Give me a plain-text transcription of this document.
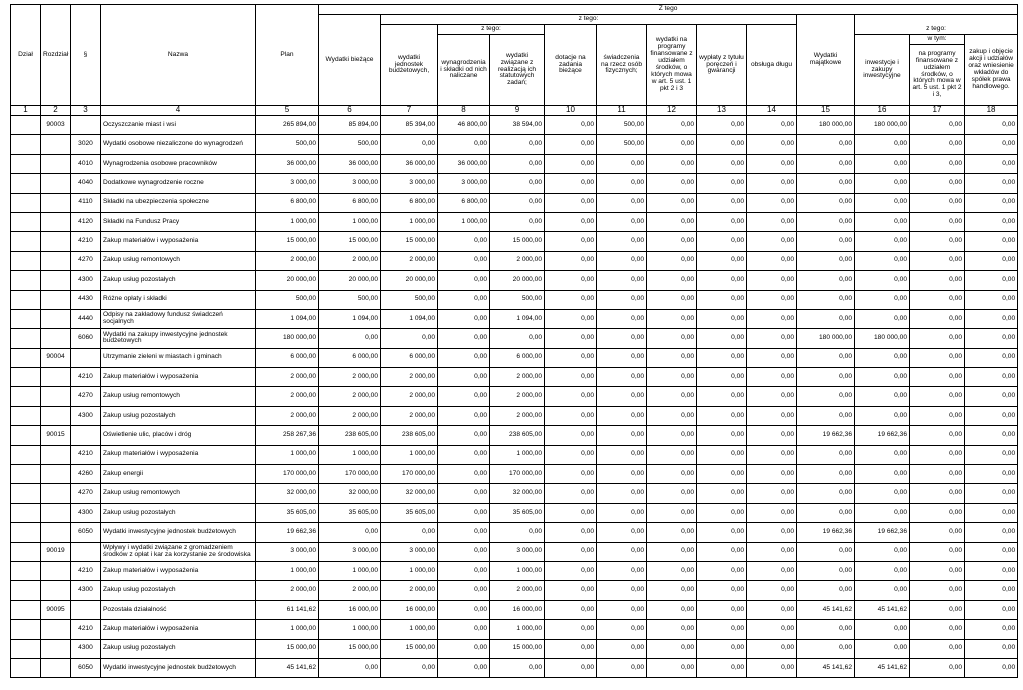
Dział	Rozdział	§	Nazwa	Plan	Z tego												
					Wydatki bieżące	z tego:								Wydatki majątkowe			
						wydatki jednostek budżetowych,	z tego:		dotacje na zadania bieżące	świadczenia na rzecz osób fizycznych;	wydatki na programy finansowane z udziałem środków, o których mowa w art. 5 ust. 1 pkt 2 i 3	wypłaty z tytułu poręczeń i gwarancji	obsługa długu		z tego:		
							wynagrodzenia i składki od nich naliczane	wydatki związane z realizacją ich statutowych zadań;							inwestycje i zakupy inwestycyjne	w tym:	zakup i objęcie akcji i udziałów oraz wniesienie wkładów do spółek prawa handlowego.
																na programy finansowane z udziałem środków, o których mowa w art. 5 ust. 1 pkt 2 i 3,	
1	2	3	4	5	6	7	8	9	10	11	12	13	14	15	16	17	18
	90003		Oczyszczanie miast i wsi	265 894,00	85 894,00	85 394,00	46 800,00	38 594,00	0,00	500,00	0,00	0,00	0,00	180 000,00	180 000,00	0,00	0,00
		3020	Wydatki osobowe niezaliczone do wynagrodzeń	500,00	500,00	0,00	0,00	0,00	0,00	500,00	0,00	0,00	0,00	0,00	0,00	0,00	0,00
		4010	Wynagrodzenia osobowe pracowników	36 000,00	36 000,00	36 000,00	36 000,00	0,00	0,00	0,00	0,00	0,00	0,00	0,00	0,00	0,00	0,00
		4040	Dodatkowe wynagrodzenie roczne	3 000,00	3 000,00	3 000,00	3 000,00	0,00	0,00	0,00	0,00	0,00	0,00	0,00	0,00	0,00	0,00
		4110	Składki na ubezpieczenia społeczne	6 800,00	6 800,00	6 800,00	6 800,00	0,00	0,00	0,00	0,00	0,00	0,00	0,00	0,00	0,00	0,00
		4120	Składki na Fundusz Pracy	1 000,00	1 000,00	1 000,00	1 000,00	0,00	0,00	0,00	0,00	0,00	0,00	0,00	0,00	0,00	0,00
		4210	Zakup materiałów i wyposażenia	15 000,00	15 000,00	15 000,00	0,00	15 000,00	0,00	0,00	0,00	0,00	0,00	0,00	0,00	0,00	0,00
		4270	Zakup usług remontowych	2 000,00	2 000,00	2 000,00	0,00	2 000,00	0,00	0,00	0,00	0,00	0,00	0,00	0,00	0,00	0,00
		4300	Zakup usług pozostałych	20 000,00	20 000,00	20 000,00	0,00	20 000,00	0,00	0,00	0,00	0,00	0,00	0,00	0,00	0,00	0,00
		4430	Różne opłaty i składki	500,00	500,00	500,00	0,00	500,00	0,00	0,00	0,00	0,00	0,00	0,00	0,00	0,00	0,00
		4440	Odpisy na zakładowy fundusz świadczeń socjalnych	1 094,00	1 094,00	1 094,00	0,00	1 094,00	0,00	0,00	0,00	0,00	0,00	0,00	0,00	0,00	0,00
		6060	Wydatki na zakupy inwestycyjne jednostek budżetowych	180 000,00	0,00	0,00	0,00	0,00	0,00	0,00	0,00	0,00	0,00	180 000,00	180 000,00	0,00	0,00
	90004		Utrzymanie zieleni w miastach i gminach	6 000,00	6 000,00	6 000,00	0,00	6 000,00	0,00	0,00	0,00	0,00	0,00	0,00	0,00	0,00	0,00
		4210	Zakup materiałów i wyposażenia	2 000,00	2 000,00	2 000,00	0,00	2 000,00	0,00	0,00	0,00	0,00	0,00	0,00	0,00	0,00	0,00
		4270	Zakup usług remontowych	2 000,00	2 000,00	2 000,00	0,00	2 000,00	0,00	0,00	0,00	0,00	0,00	0,00	0,00	0,00	0,00
		4300	Zakup usług pozostałych	2 000,00	2 000,00	2 000,00	0,00	2 000,00	0,00	0,00	0,00	0,00	0,00	0,00	0,00	0,00	0,00
	90015		Oświetlenie ulic, placów i dróg	258 267,36	238 605,00	238 605,00	0,00	238 605,00	0,00	0,00	0,00	0,00	0,00	19 662,36	19 662,36	0,00	0,00
		4210	Zakup materiałów i wyposażenia	1 000,00	1 000,00	1 000,00	0,00	1 000,00	0,00	0,00	0,00	0,00	0,00	0,00	0,00	0,00	0,00
		4260	Zakup energii	170 000,00	170 000,00	170 000,00	0,00	170 000,00	0,00	0,00	0,00	0,00	0,00	0,00	0,00	0,00	0,00
		4270	Zakup usług remontowych	32 000,00	32 000,00	32 000,00	0,00	32 000,00	0,00	0,00	0,00	0,00	0,00	0,00	0,00	0,00	0,00
		4300	Zakup usług pozostałych	35 605,00	35 605,00	35 605,00	0,00	35 605,00	0,00	0,00	0,00	0,00	0,00	0,00	0,00	0,00	0,00
		6050	Wydatki inwestycyjne jednostek budżetowych	19 662,36	0,00	0,00	0,00	0,00	0,00	0,00	0,00	0,00	0,00	19 662,36	19 662,36	0,00	0,00
	90019		Wpływy i wydatki związane z gromadzeniem środków z opłat i kar za korzystanie ze środowiska	3 000,00	3 000,00	3 000,00	0,00	3 000,00	0,00	0,00	0,00	0,00	0,00	0,00	0,00	0,00	0,00
		4210	Zakup materiałów i wyposażenia	1 000,00	1 000,00	1 000,00	0,00	1 000,00	0,00	0,00	0,00	0,00	0,00	0,00	0,00	0,00	0,00
		4300	Zakup usług pozostałych	2 000,00	2 000,00	2 000,00	0,00	2 000,00	0,00	0,00	0,00	0,00	0,00	0,00	0,00	0,00	0,00
	90095		Pozostała działalność	61 141,62	16 000,00	16 000,00	0,00	16 000,00	0,00	0,00	0,00	0,00	0,00	45 141,62	45 141,62	0,00	0,00
		4210	Zakup materiałów i wyposażenia	1 000,00	1 000,00	1 000,00	0,00	1 000,00	0,00	0,00	0,00	0,00	0,00	0,00	0,00	0,00	0,00
		4300	Zakup usług pozostałych	15 000,00	15 000,00	15 000,00	0,00	15 000,00	0,00	0,00	0,00	0,00	0,00	0,00	0,00	0,00	0,00
		6050	Wydatki inwestycyjne jednostek budżetowych	45 141,62	0,00	0,00	0,00	0,00	0,00	0,00	0,00	0,00	0,00	45 141,62	45 141,62	0,00	0,00
